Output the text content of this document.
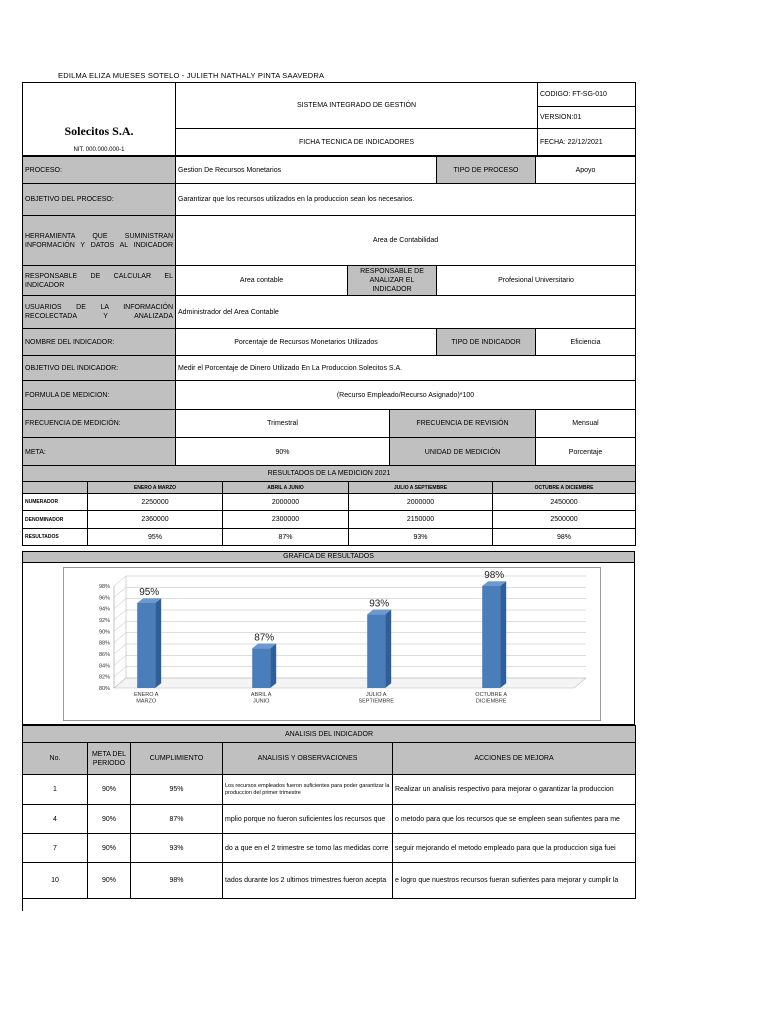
EDILMA ELIZA MUESES SOTELO - JULIETH NATHALY PINTA SAAVEDRA
Solecitos S.A.
NIT. 000.000.000-1	SISTEMA INTEGRADO DE GESTIÓN	CODIGO: FT-SG-010
		VERSION:01
	FICHA TECNICA DE INDICADORES	FECHA: 22/12/2021
PROCESO:	Gestion De Recursos Monetarios			TIPO DE PROCESO	Apoyo
OBJETIVO DEL PROCESO:	Garantizar que los recursos utilizados en la produccion sean los necesarios.				
HERRAMIENTA QUE SUMINISTRAN INFORMACIÓN Y DATOS AL INDICADOR	Area de Contabilidad				
RESPONSABLE DE CALCULAR EL INDICADOR	Area contable	RESPONSABLE DE ANALIZAR EL INDICADOR		Profesional Universitario	
USUARIOS DE LA INFORMACIÓN RECOLECTADA Y ANALIZADA	Administrador del Area Contable				
NOMBRE DEL INDICADOR:	Porcentaje de Recursos Monetarios Utilizados			TIPO DE INDICADOR	Eficiencia
OBJETIVO DEL INDICADOR:	Medir el Porcentaje de Dinero Utilizado En La Produccion Solecitos S.A.				
FORMULA DE MEDICION:	(Recurso Empleado/Recurso Asignado)*100				
FRECUENCIA DE MEDICIÓN:	Trimestral		FRECUENCIA DE REVISIÓN		Mensual
META:	90%		UNIDAD DE MEDICIÓN		Porcentaje
RESULTADOS DE LA MEDICION 2021				
	ENERO A MARZO	ABRIL A JUNIO	JULIO A SEPTIEMBRE	OCTUBRE A DICIEMBRE
NUMERADOR	2250000	2000000	2000000	2450000
DENOMINADOR	2360000	2300000	2150000	2500000
RESULTADOS	95%	87%	93%	98%
GRAFICA DE RESULTADOS
80%
82%
84%
86%
88%
90%
92%
94%
96%
98%	95%
ENERO A
MARZO
87%
ABRIL A
JUNIO
93%
JULIO A
SEPTIEMBRE
98%
OCTUBRE A
DICIEMBRE
ANALISIS DEL INDICADOR				
No.	META DEL PERIODO	CUMPLIMIENTO	ANALISIS Y OBSERVACIONES	ACCIONES DE MEJORA
1	90%	95%	Los recursos empleados fueron suficientes para poder garantizar la produccion del primer trimestre	Realizar un analisis respectivo para mejorar o garantizar la produccion
4	90%	87%	mplio porque no fueron suficientes los recursos que	o metodo para que los recursos que se empleen sean sufientes para me
7	90%	93%	do a que en el 2 trimestre se tomo las medidas corre	seguir mejorando el metodo empleado para que la produccion siga fuei
10	90%	98%	tados durante los 2 ultimos trimestres fueron acepta	e logro que nuestros recursos fueran sufientes para mejorar y cumplir la
